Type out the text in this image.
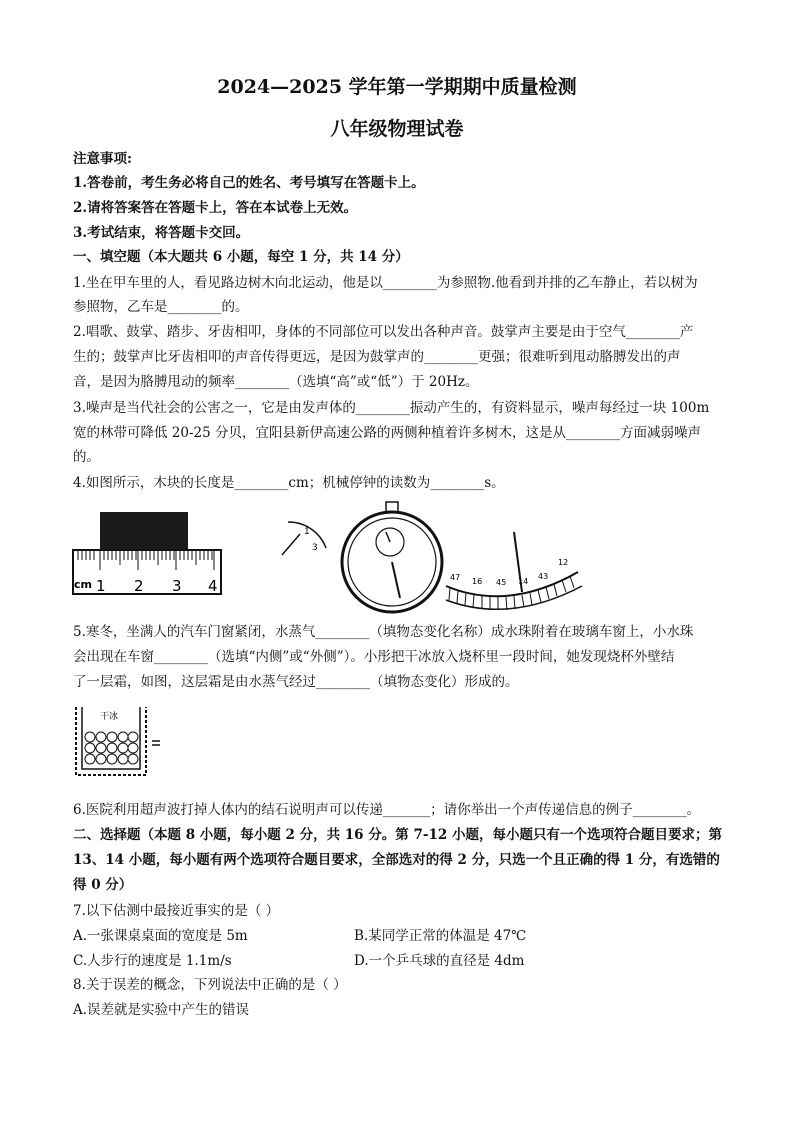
2024—2025 学年第一学期期中质量检测
八年级物理试卷
注意事项:
1.答卷前，考生务必将自己的姓名、考号填写在答题卡上。
2.请将答案答在答题卡上，答在本试卷上无效。
3.考试结束，将答题卡交回。
一、填空题（本大题共 6 小题，每空 1 分，共 14 分）
1.坐在甲车里的人，看见路边树木向北运动，他是以________为参照物.他看到并排的乙车静止，若以树为
参照物，乙车是________的。
2.唱歌、鼓掌、踏步、牙齿相叩，身体的不同部位可以发出各种声音。鼓掌声主要是由于空气________产
生的；鼓掌声比牙齿相叩的声音传得更远，是因为鼓掌声的________更强；很难听到甩动胳膊发出的声
音，是因为胳膊甩动的频率________（选填“高”或“低”）于 20Hz。
3.噪声是当代社会的公害之一，它是由发声体的________振动产生的，有资料显示，噪声每经过一块 100m
宽的林带可降低 20-25 分贝，宜阳县新伊高速公路的两侧种植着许多树木，这是从________方面减弱噪声
的。
4.如图所示，木块的长度是________cm；机械停钟的读数为________s。
cm 1 2 3 4
1
3
47 16 45 14
43
12
5.寒冬，坐满人的汽车门窗紧闭，水蒸气________（填物态变化名称）成水珠附着在玻璃车窗上，小水珠
会出现在车窗________（选填“内侧”或“外侧”）。小彤把干冰放入烧杯里一段时间，她发现烧杯外壁结
了一层霜，如图，这层霜是由水蒸气经过________（填物态变化）形成的。
干冰
6.医院利用超声波打掉人体内的结石说明声可以传递_______；请你举出一个声传递信息的例子________。
二、选择题（本题 8 小题，每小题 2 分，共 16 分。第 7-12 小题，每小题只有一个选项符合题目要求；第
13、14 小题，每小题有两个选项符合题目要求，全部选对的得 2 分，只选一个且正确的得 1 分，有选错的
得 0 分）
7.以下估测中最接近事实的是（ ）
A.一张课桌桌面的宽度是 5m	B.某同学正常的体温是 47℃
C.人步行的速度是 1.1m/s	D.一个乒乓球的直径是 4dm
8.关于误差的概念，下列说法中正确的是（ ）
A.误差就是实验中产生的错误
